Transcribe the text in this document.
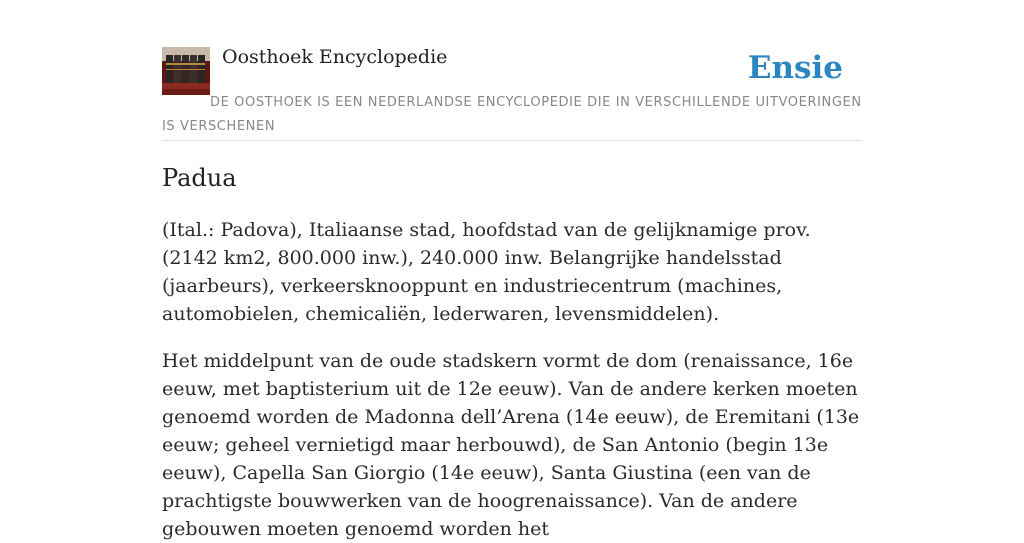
Oosthoek Encyclopedie	Ensie
DE OOSTHOEK IS EEN NEDERLANDSE ENCYCLOPEDIE DIE IN VERSCHILLENDE UITVOERINGEN IS VERSCHENEN
Padua

(Ital.: Padova), Italiaanse stad, hoofdstad van de gelijknamige prov. (2142 km2, 800.000 inw.), 240.000 inw. Belangrijke handelsstad (jaarbeurs), verkeersknooppunt en industriecentrum (machines, automobielen, chemicaliën, lederwaren, levensmiddelen).

Het middelpunt van de oude stadskern vormt de dom (renaissance, 16e eeuw, met baptisterium uit de 12e eeuw). Van de andere kerken moeten genoemd worden de Madonna dell’Arena (14e eeuw), de Eremitani (13e eeuw; geheel vernietigd maar herbouwd), de San Antonio (begin 13e eeuw), Capella San Giorgio (14e eeuw), Santa Giustina (een van de prachtigste bouwwerken van de hoogrenaissance). Van de andere gebouwen moeten genoemd worden het
